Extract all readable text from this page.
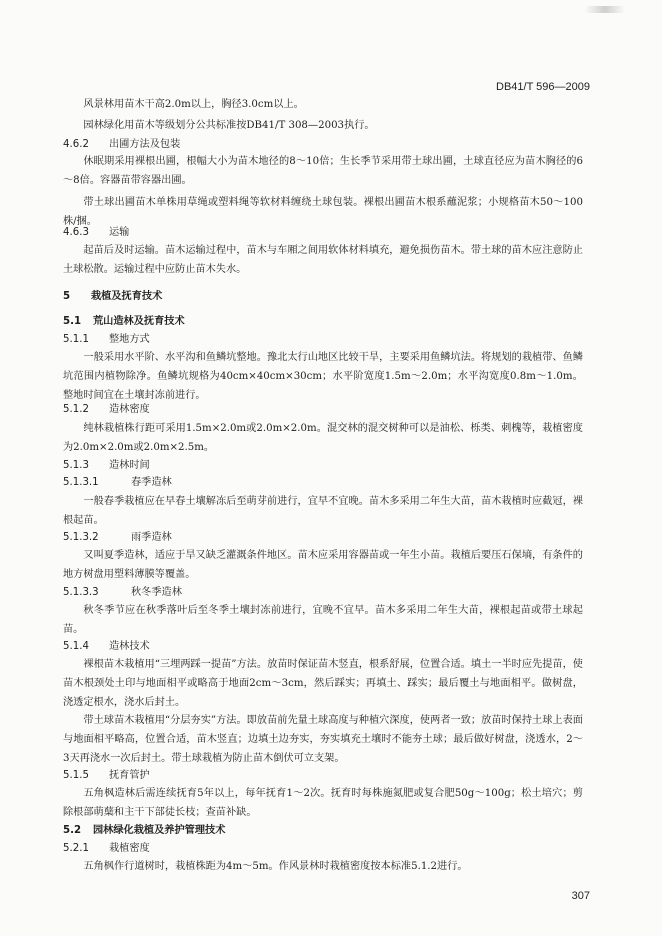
DB41/T 596—2009
风景林用苗木干高2.0m以上，胸径3.0cm以上。
园林绿化用苗木等级划分公共标准按DB41/T 308—2003执行。
4.6.2 出圃方法及包装
休眠期采用裸根出圃，根幅大小为苗木地径的8～10倍；生长季节采用带土球出圃，土球直径应为苗木胸径的6～8倍。容器苗带容器出圃。
带土球出圃苗木单株用草绳或塑料绳等软材料缠绕土球包装。裸根出圃苗木根系蘸泥浆；小规格苗木50～100株/捆。
4.6.3 运输
起苗后及时运输。苗木运输过程中，苗木与车厢之间用软体材料填充，避免损伤苗木。带土球的苗木应注意防止土球松散。运输过程中应防止苗木失水。
5 栽植及抚育技术
5.1 荒山造林及抚育技术
5.1.1 整地方式
一般采用水平阶、水平沟和鱼鳞坑整地。豫北太行山地区比较干旱，主要采用鱼鳞坑法。将规划的栽植带、鱼鳞坑范围内植物除净。鱼鳞坑规格为40cm×40cm×30cm；水平阶宽度1.5m～2.0m；水平沟宽度0.8m～1.0m。整地时间宜在土壤封冻前进行。
5.1.2 造林密度
纯林栽植株行距可采用1.5m×2.0m或2.0m×2.0m。混交林的混交树种可以是油松、栎类、刺槐等，栽植密度为2.0m×2.0m或2.0m×2.5m。
5.1.3 造林时间
5.1.3.1	春季造林
一般春季栽植应在早春土壤解冻后至萌芽前进行，宜早不宜晚。苗木多采用二年生大苗，苗木栽植时应截冠，裸根起苗。
5.1.3.2	雨季造林
又叫夏季造林，适应于旱又缺乏灌溉条件地区。苗木应采用容器苗或一年生小苗。栽植后要压石保墒，有条件的地方树盘用塑料薄膜等覆盖。
5.1.3.3	秋冬季造林
秋冬季节应在秋季落叶后至冬季土壤封冻前进行，宜晚不宜早。苗木多采用二年生大苗，裸根起苗或带土球起苗。
5.1.4 造林技术
裸根苗木栽植用“三埋两踩一提苗”方法。放苗时保证苗木竖直，根系舒展，位置合适。填土一半时应先提苗，使苗木根颈处土印与地面相平或略高于地面2cm～3cm，然后踩实；再填土、踩实；最后覆土与地面相平。做树盘，浇透定根水，浇水后封土。
带土球苗木栽植用“分层夯实”方法。即放苗前先量土球高度与种植穴深度，使两者一致；放苗时保持土球上表面与地面相平略高，位置合适，苗木竖直；边填土边夯实，夯实填充土壤时不能夯土球；最后做好树盘，浇透水，2～3天再浇水一次后封土。带土球栽植为防止苗木倒伏可立支架。
5.1.5 抚育管护
五角枫造林后需连续抚育5年以上，每年抚育1～2次。抚育时每株施氮肥或复合肥50g～100g；松土培穴；剪除根部萌蘖和主干下部徒长枝；查苗补缺。
5.2 园林绿化栽植及养护管理技术
5.2.1 栽植密度
五角枫作行道树时，栽植株距为4m～5m。作风景林时栽植密度按本标准5.1.2进行。
307
